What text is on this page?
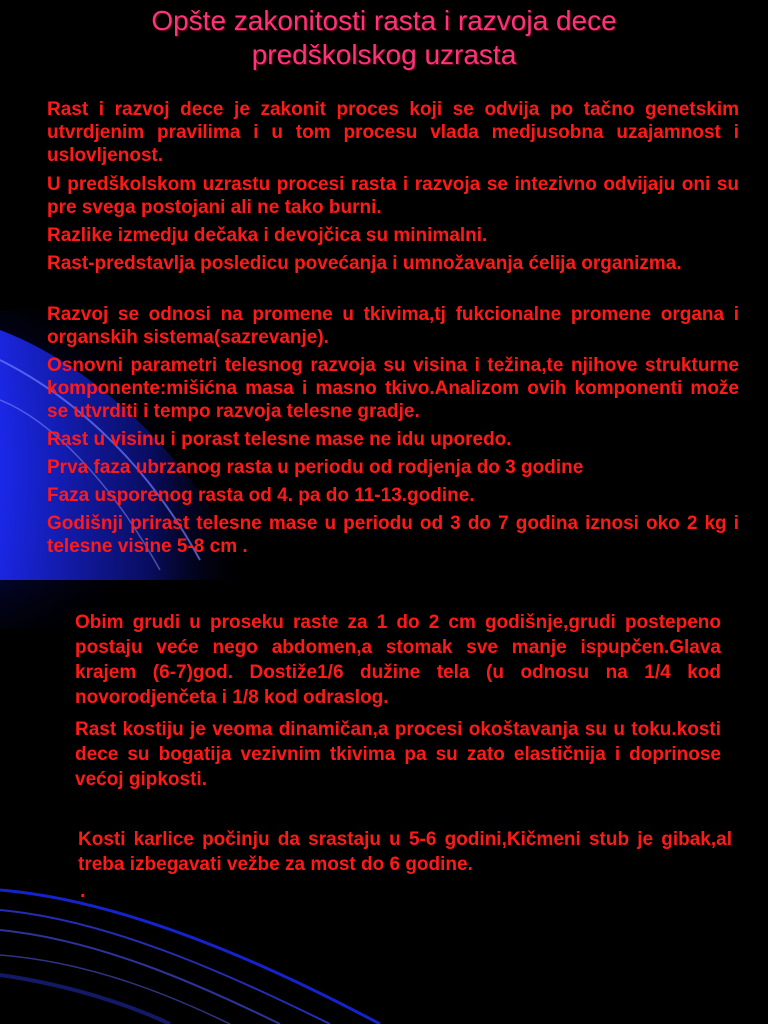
Opšte zakonitosti rasta i razvoja dece
predškolskog uzrasta

Rast i razvoj dece je zakonit proces koji se odvija po tačno genetskim utvrdjenim pravilima i u tom procesu vlada medjusobna uzajamnost i uslovljenost.

U predškolskom uzrastu procesi rasta i razvoja se intezivno odvijaju oni su pre svega postojani ali ne tako burni.

Razlike izmedju dečaka i devojčica su minimalni.

Rast-predstavlja posledicu povećanja i umnožavanja ćelija organizma.

Razvoj se odnosi na promene u tkivima,tj fukcionalne promene organa i organskih sistema(sazrevanje).

Osnovni parametri telesnog razvoja su visina i težina,te njihove strukturne komponente:mišićna masa i masno tkivo.Analizom ovih komponenti može se utvrditi i tempo razvoja telesne gradje.

Rast u visinu i porast telesne mase ne idu uporedo.

Prva faza ubrzanog rasta u periodu od rodjenja do 3 godine

Faza usporenog rasta od 4. pa do 11-13.godine.

Godišnji prirast telesne mase u periodu od 3 do 7 godina iznosi oko 2 kg i telesne visine 5-8 cm .

Obim grudi u proseku raste za 1 do 2 cm godišnje,grudi postepeno postaju veće nego abdomen,a stomak sve manje ispupčen.Glava krajem (6-7)god. Dostiže1/6 dužine tela (u odnosu na 1/4 kod novorodjenčeta i 1/8 kod odraslog.

Rast kostiju je veoma dinamičan,a procesi okoštavanja su u toku.kosti dece su bogatija vezivnim tkivima pa su zato elastičnija i doprinose većoj gipkosti.

Kosti karlice počinju da srastaju u 5-6 godini,Kičmeni stub je gibak,al treba izbegavati vežbe za most do 6 godine.

.
